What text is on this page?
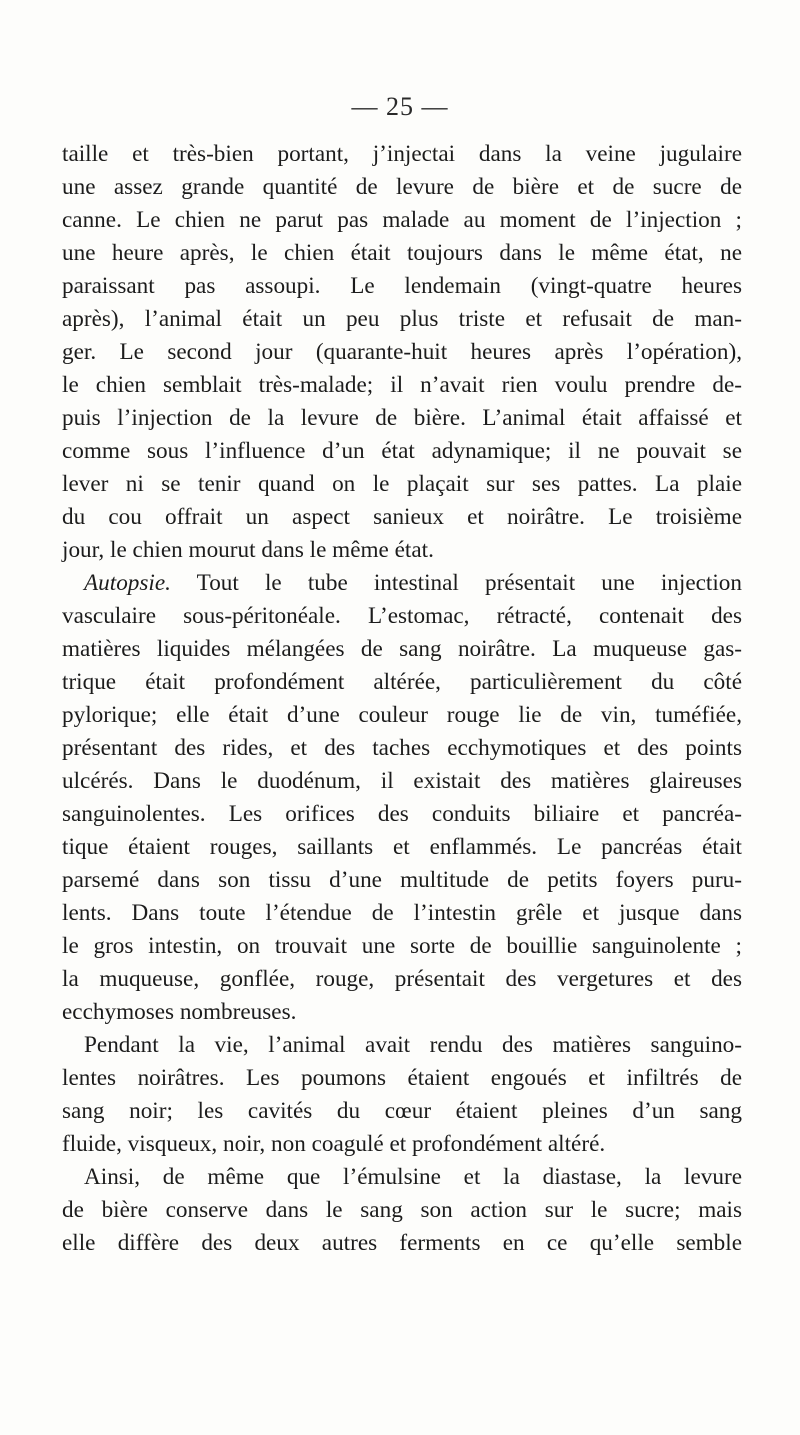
— 25 —
taille et très-bien portant, j’injectai dans la veine jugulaire
une assez grande quantité de levure de bière et de sucre de
canne. Le chien ne parut pas malade au moment de l’injection ;
une heure après, le chien était toujours dans le même état, ne
paraissant pas assoupi. Le lendemain (vingt-quatre heures
après), l’animal était un peu plus triste et refusait de man-
ger. Le second jour (quarante-huit heures après l’opération),
le chien semblait très-malade; il n’avait rien voulu prendre de-
puis l’injection de la levure de bière. L’animal était affaissé et
comme sous l’influence d’un état adynamique; il ne pouvait se
lever ni se tenir quand on le plaçait sur ses pattes. La plaie
du cou offrait un aspect sanieux et noirâtre. Le troisième
jour, le chien mourut dans le même état.
Autopsie. Tout le tube intestinal présentait une injection
vasculaire sous-péritonéale. L’estomac, rétracté, contenait des
matières liquides mélangées de sang noirâtre. La muqueuse gas-
trique était profondément altérée, particulièrement du côté
pylorique; elle était d’une couleur rouge lie de vin, tuméfiée,
présentant des rides, et des taches ecchymotiques et des points
ulcérés. Dans le duodénum, il existait des matières glaireuses
sanguinolentes. Les orifices des conduits biliaire et pancréa-
tique étaient rouges, saillants et enflammés. Le pancréas était
parsemé dans son tissu d’une multitude de petits foyers puru-
lents. Dans toute l’étendue de l’intestin grêle et jusque dans
le gros intestin, on trouvait une sorte de bouillie sanguinolente ;
la muqueuse, gonflée, rouge, présentait des vergetures et des
ecchymoses nombreuses.
Pendant la vie, l’animal avait rendu des matières sanguino-
lentes noirâtres. Les poumons étaient engoués et infiltrés de
sang noir; les cavités du cœur étaient pleines d’un sang
fluide, visqueux, noir, non coagulé et profondément altéré.
Ainsi, de même que l’émulsine et la diastase, la levure
de bière conserve dans le sang son action sur le sucre; mais
elle diffère des deux autres ferments en ce qu’elle semble
